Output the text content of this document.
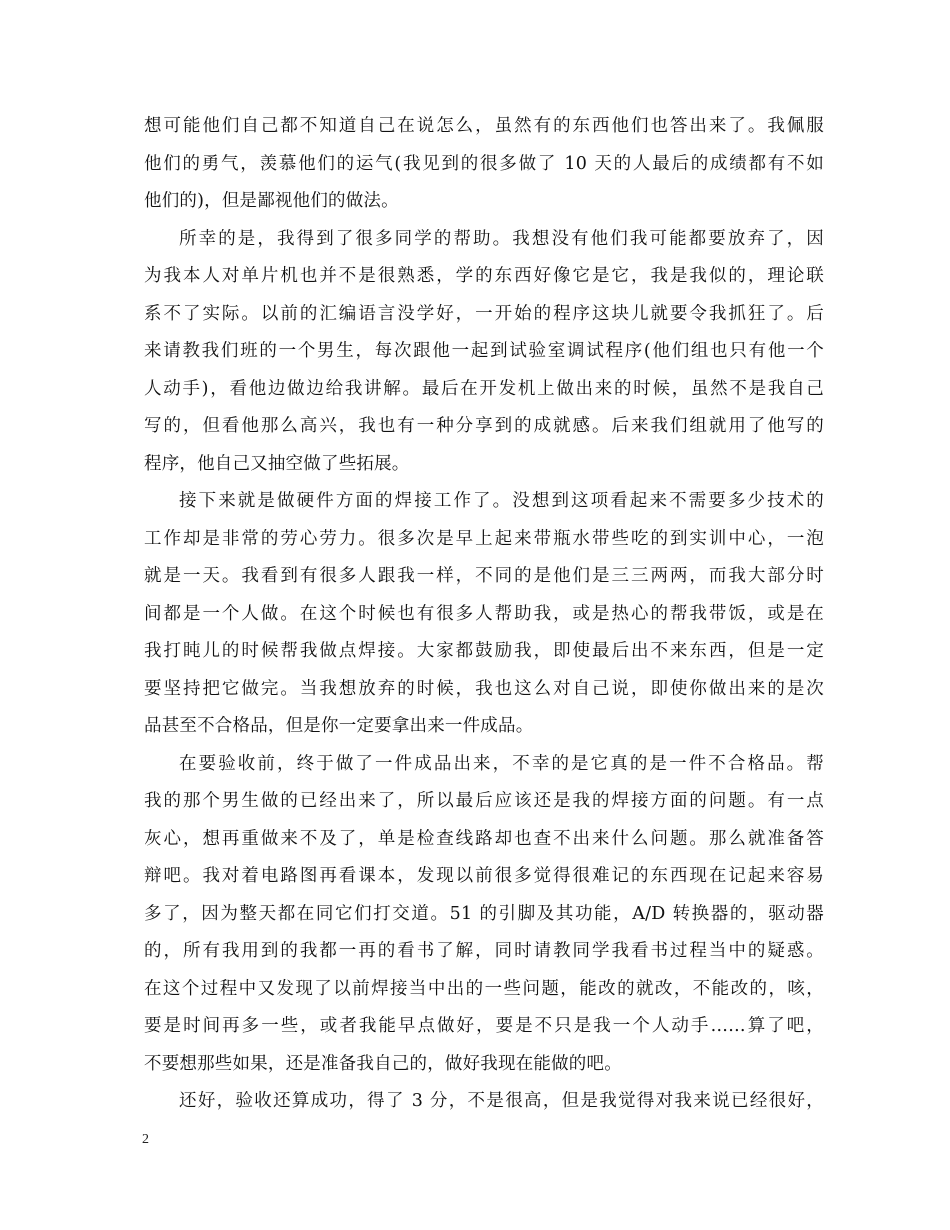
想可能他们自己都不知道自己在说怎么，虽然有的东西他们也答出来了。我佩服
他们的勇气，羡慕他们的运气(我见到的很多做了 10 天的人最后的成绩都有不如
他们的)，但是鄙视他们的做法。
所幸的是，我得到了很多同学的帮助。我想没有他们我可能都要放弃了，因
为我本人对单片机也并不是很熟悉，学的东西好像它是它，我是我似的，理论联
系不了实际。以前的汇编语言没学好，一开始的程序这块儿就要令我抓狂了。后
来请教我们班的一个男生，每次跟他一起到试验室调试程序(他们组也只有他一个
人动手)，看他边做边给我讲解。最后在开发机上做出来的时候，虽然不是我自己
写的，但看他那么高兴，我也有一种分享到的成就感。后来我们组就用了他写的
程序，他自己又抽空做了些拓展。
接下来就是做硬件方面的焊接工作了。没想到这项看起来不需要多少技术的
工作却是非常的劳心劳力。很多次是早上起来带瓶水带些吃的到实训中心，一泡
就是一天。我看到有很多人跟我一样，不同的是他们是三三两两，而我大部分时
间都是一个人做。在这个时候也有很多人帮助我，或是热心的帮我带饭，或是在
我打盹儿的时候帮我做点焊接。大家都鼓励我，即使最后出不来东西，但是一定
要坚持把它做完。当我想放弃的时候，我也这么对自己说，即使你做出来的是次
品甚至不合格品，但是你一定要拿出来一件成品。
在要验收前，终于做了一件成品出来，不幸的是它真的是一件不合格品。帮
我的那个男生做的已经出来了，所以最后应该还是我的焊接方面的问题。有一点
灰心，想再重做来不及了，单是检查线路却也查不出来什么问题。那么就准备答
辩吧。我对着电路图再看课本，发现以前很多觉得很难记的东西现在记起来容易
多了，因为整天都在同它们打交道。51 的引脚及其功能，A/D 转换器的，驱动器
的，所有我用到的我都一再的看书了解，同时请教同学我看书过程当中的疑惑。
在这个过程中又发现了以前焊接当中出的一些问题，能改的就改，不能改的，咳，
要是时间再多一些，或者我能早点做好，要是不只是我一个人动手……算了吧，
不要想那些如果，还是准备我自己的，做好我现在能做的吧。
还好，验收还算成功，得了 3 分，不是很高，但是我觉得对我来说已经很好，
2
